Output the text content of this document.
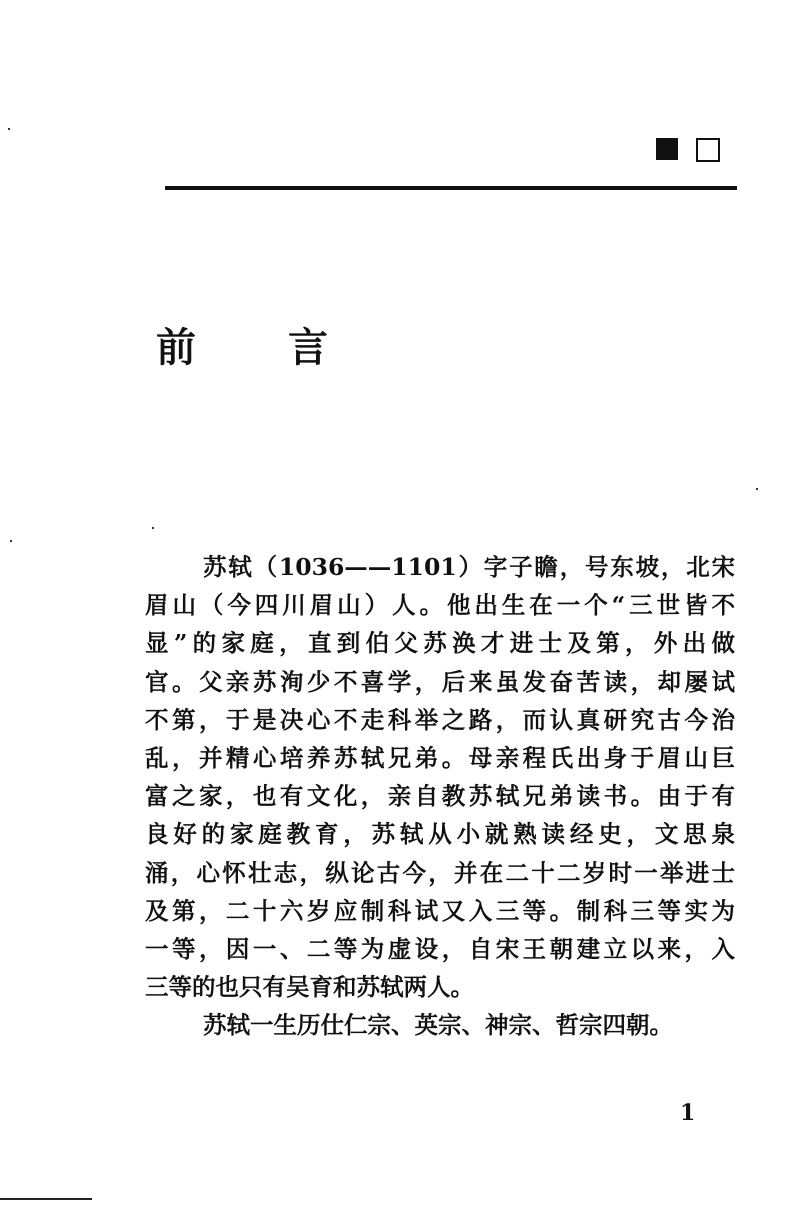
前 言
苏轼（1036——1101）字子瞻，号东坡，北宋
眉山（今四川眉山）人。他出生在一个“三世皆不
显”的家庭，直到伯父苏涣才进士及第，外出做
官。父亲苏洵少不喜学，后来虽发奋苦读，却屡试
不第，于是决心不走科举之路，而认真研究古今治
乱，并精心培养苏轼兄弟。母亲程氏出身于眉山巨
富之家，也有文化，亲自教苏轼兄弟读书。由于有
良好的家庭教育，苏轼从小就熟读经史，文思泉
涌，心怀壮志，纵论古今，并在二十二岁时一举进士
及第，二十六岁应制科试又入三等。制科三等实为
一等，因一、二等为虚设，自宋王朝建立以来，入
三等的也只有吴育和苏轼两人。
苏轼一生历仕仁宗、英宗、神宗、哲宗四朝。
1
